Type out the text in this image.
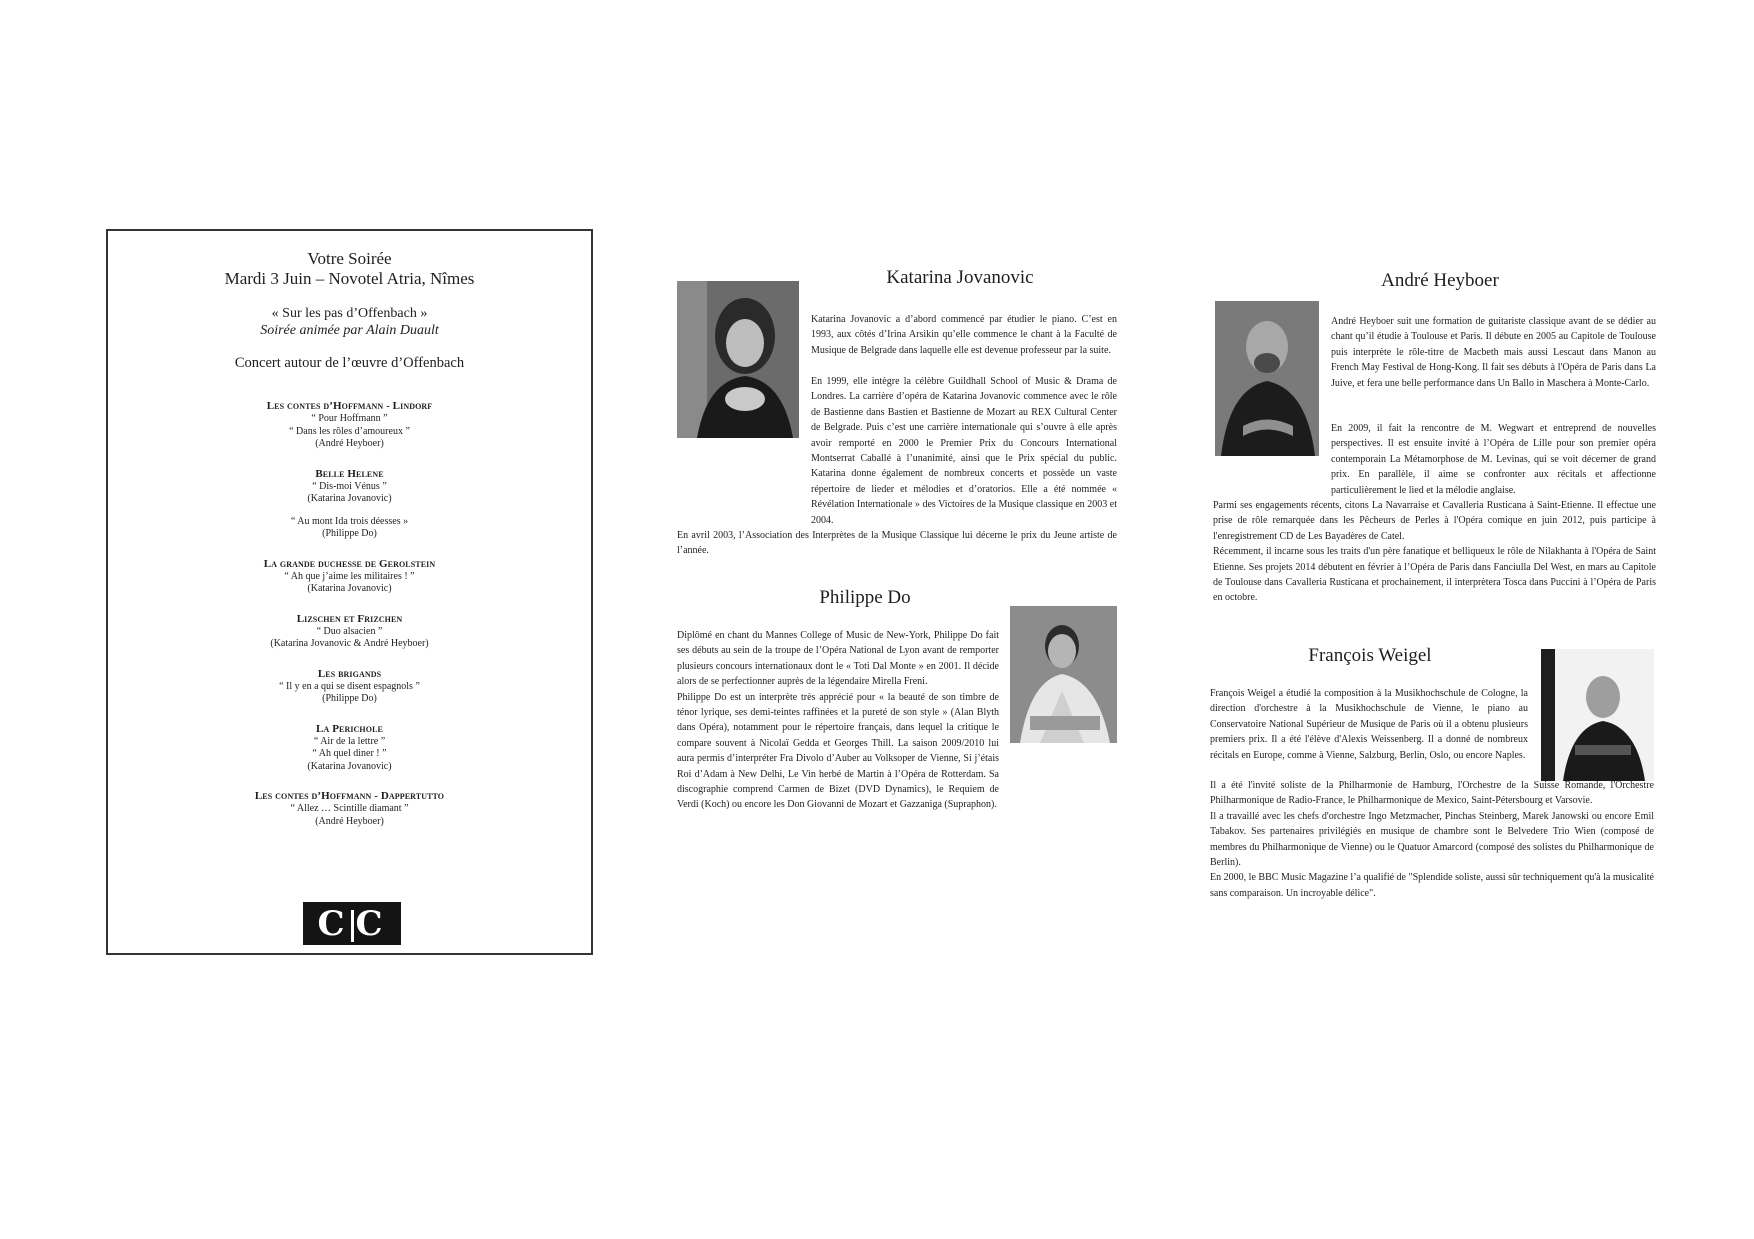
Votre Soirée
Mardi 3 Juin – Novotel Atria, Nîmes
« Sur les pas d’Offenbach »
Soirée animée par Alain Duault
Concert autour de l’œuvre d’Offenbach
Les contes d’Hoffmann - Lindorf
“ Pour Hoffmann ”
“ Dans les rôles d’amoureux ”
(André Heyboer)
Belle Helene
“ Dis-moi Vénus ”
(Katarina Jovanovic)
“ Au mont Ida trois déesses »
(Philippe Do)
La grande duchesse de Gerolstein
“ Ah que j’aime les militaires ! ”
(Katarina Jovanovic)
Lizschen et Frizchen
“ Duo alsacien ”
(Katarina Jovanovic & André Heyboer)
Les brigands
“ Il y en a qui se disent espagnols ”
(Philippe Do)
La Perichole
“ Air de la lettre ”
“ Ah quel diner ! ”
(Katarina Jovanovic)
Les contes d’Hoffmann - Dappertutto
“ Allez … Scintille diamant ”
(André Heyboer)
C C
Katarina Jovanovic

Katarina Jovanovic a d’abord commencé par étudier le piano. C’est en 1993, aux côtés d’Irina Arsikin qu’elle commence le chant à la Faculté de Musique de Belgrade dans laquelle elle est devenue professeur par la suite.

En 1999, elle intègre la célèbre Guildhall School of Music & Drama de Londres. La carrière d’opéra de Katarina Jovanovic commence avec le rôle de Bastienne dans Bastien et Bastienne de Mozart au REX Cultural Center de Belgrade. Puis c’est une carrière internationale qui s’ouvre à elle après avoir remporté en 2000 le Premier Prix du Concours International Montserrat Caballé à l’unanimité, ainsi que le Prix spécial du public. Katarina donne également de nombreux concerts et possède un vaste répertoire de lieder et mélodies et d’oratorios. Elle a été nommée « Révélation Internationale » des Victoires de la Musique classique en 2003 et 2004.

En avril 2003, l’Association des Interprètes de la Musique Classique lui décerne le prix du Jeune artiste de l’année.

Philippe Do

Diplômé en chant du Mannes College of Music de New-York, Philippe Do fait ses débuts au sein de la troupe de l’Opéra National de Lyon avant de remporter plusieurs concours internationaux dont le « Toti Dal Monte » en 2001. Il décide alors de se perfectionner auprès de la légendaire Mirella Freni.

Philippe Do est un interprète très apprécié pour « la beauté de son timbre de ténor lyrique, ses demi-teintes raffinées et la pureté de son style » (Alan Blyth dans Opéra), notamment pour le répertoire français, dans lequel la critique le compare souvent à Nicolaï Gedda et Georges Thill. La saison 2009/2010 lui aura permis d’interpréter Fra Divolo d’Auber au Volksoper de Vienne, Si j’étais Roi d’Adam à New Delhi, Le Vin herbé de Martin à l’Opéra de Rotterdam. Sa discographie comprend Carmen de Bizet (DVD Dynamics), le Requiem de Verdi (Koch) ou encore les Don Giovanni de Mozart et Gazzaniga (Supraphon).

André Heyboer

André Heyboer suit une formation de guitariste classique avant de se dédier au chant qu’il étudie à Toulouse et Paris. Il débute en 2005 au Capitole de Toulouse puis interprète le rôle-titre de Macbeth mais aussi Lescaut dans Manon au French May Festival de Hong-Kong. Il fait ses débuts à l'Opéra de Paris dans La Juive, et fera une belle performance dans Un Ballo in Maschera à Monte-Carlo.

En 2009, il fait la rencontre de M. Wegwart et entreprend de nouvelles perspectives. Il est ensuite invité à l’Opéra de Lille pour son premier opéra contemporain La Métamorphose de M. Levinas, qui se voit décerner de grand prix. En parallèle, il aime se confronter aux récitals et affectionne particulièrement le lied et la mélodie anglaise.

Parmi ses engagements récents, citons La Navarraise et Cavalleria Rusticana à Saint-Etienne. Il effectue une prise de rôle remarquée dans les Pêcheurs de Perles à l'Opéra comique en juin 2012, puis participe à l'enregistrement CD de Les Bayadères de Catel.

Récemment, il incarne sous les traits d'un père fanatique et belliqueux le rôle de Nilakhanta à l'Opéra de Saint Etienne. Ses projets 2014 débutent en février à l’Opéra de Paris dans Fanciulla Del West, en mars au Capitole de Toulouse dans Cavalleria Rusticana et prochainement, il interprètera Tosca dans Puccini à l’Opéra de Paris en octobre.

François Weigel

François Weigel a étudié la composition à la Musikhochschule de Cologne, la direction d'orchestre à la Musikhochschule de Vienne, le piano au Conservatoire National Supérieur de Musique de Paris où il a obtenu plusieurs premiers prix. Il a été l'élève d'Alexis Weissenberg. Il a donné de nombreux récitals en Europe, comme à Vienne, Salzburg, Berlin, Oslo, ou encore Naples.

Il a été l'invité soliste de la Philharmonie de Hamburg, l'Orchestre de la Suisse Romande, l'Orchestre Philharmonique de Radio-France, le Philharmonique de Mexico, Saint-Pétersbourg et Varsovie.

Il a travaillé avec les chefs d'orchestre Ingo Metzmacher, Pinchas Steinberg, Marek Janowski ou encore Emil Tabakov. Ses partenaires privilégiés en musique de chambre sont le Belvedere Trio Wien (composé de membres du Philharmonique de Vienne) ou le Quatuor Amarcord (composé des solistes du Philharmonique de Berlin).

En 2000, le BBC Music Magazine l’a qualifié de "Splendide soliste, aussi sûr techniquement qu'à la musicalité sans comparaison. Un incroyable délice".
